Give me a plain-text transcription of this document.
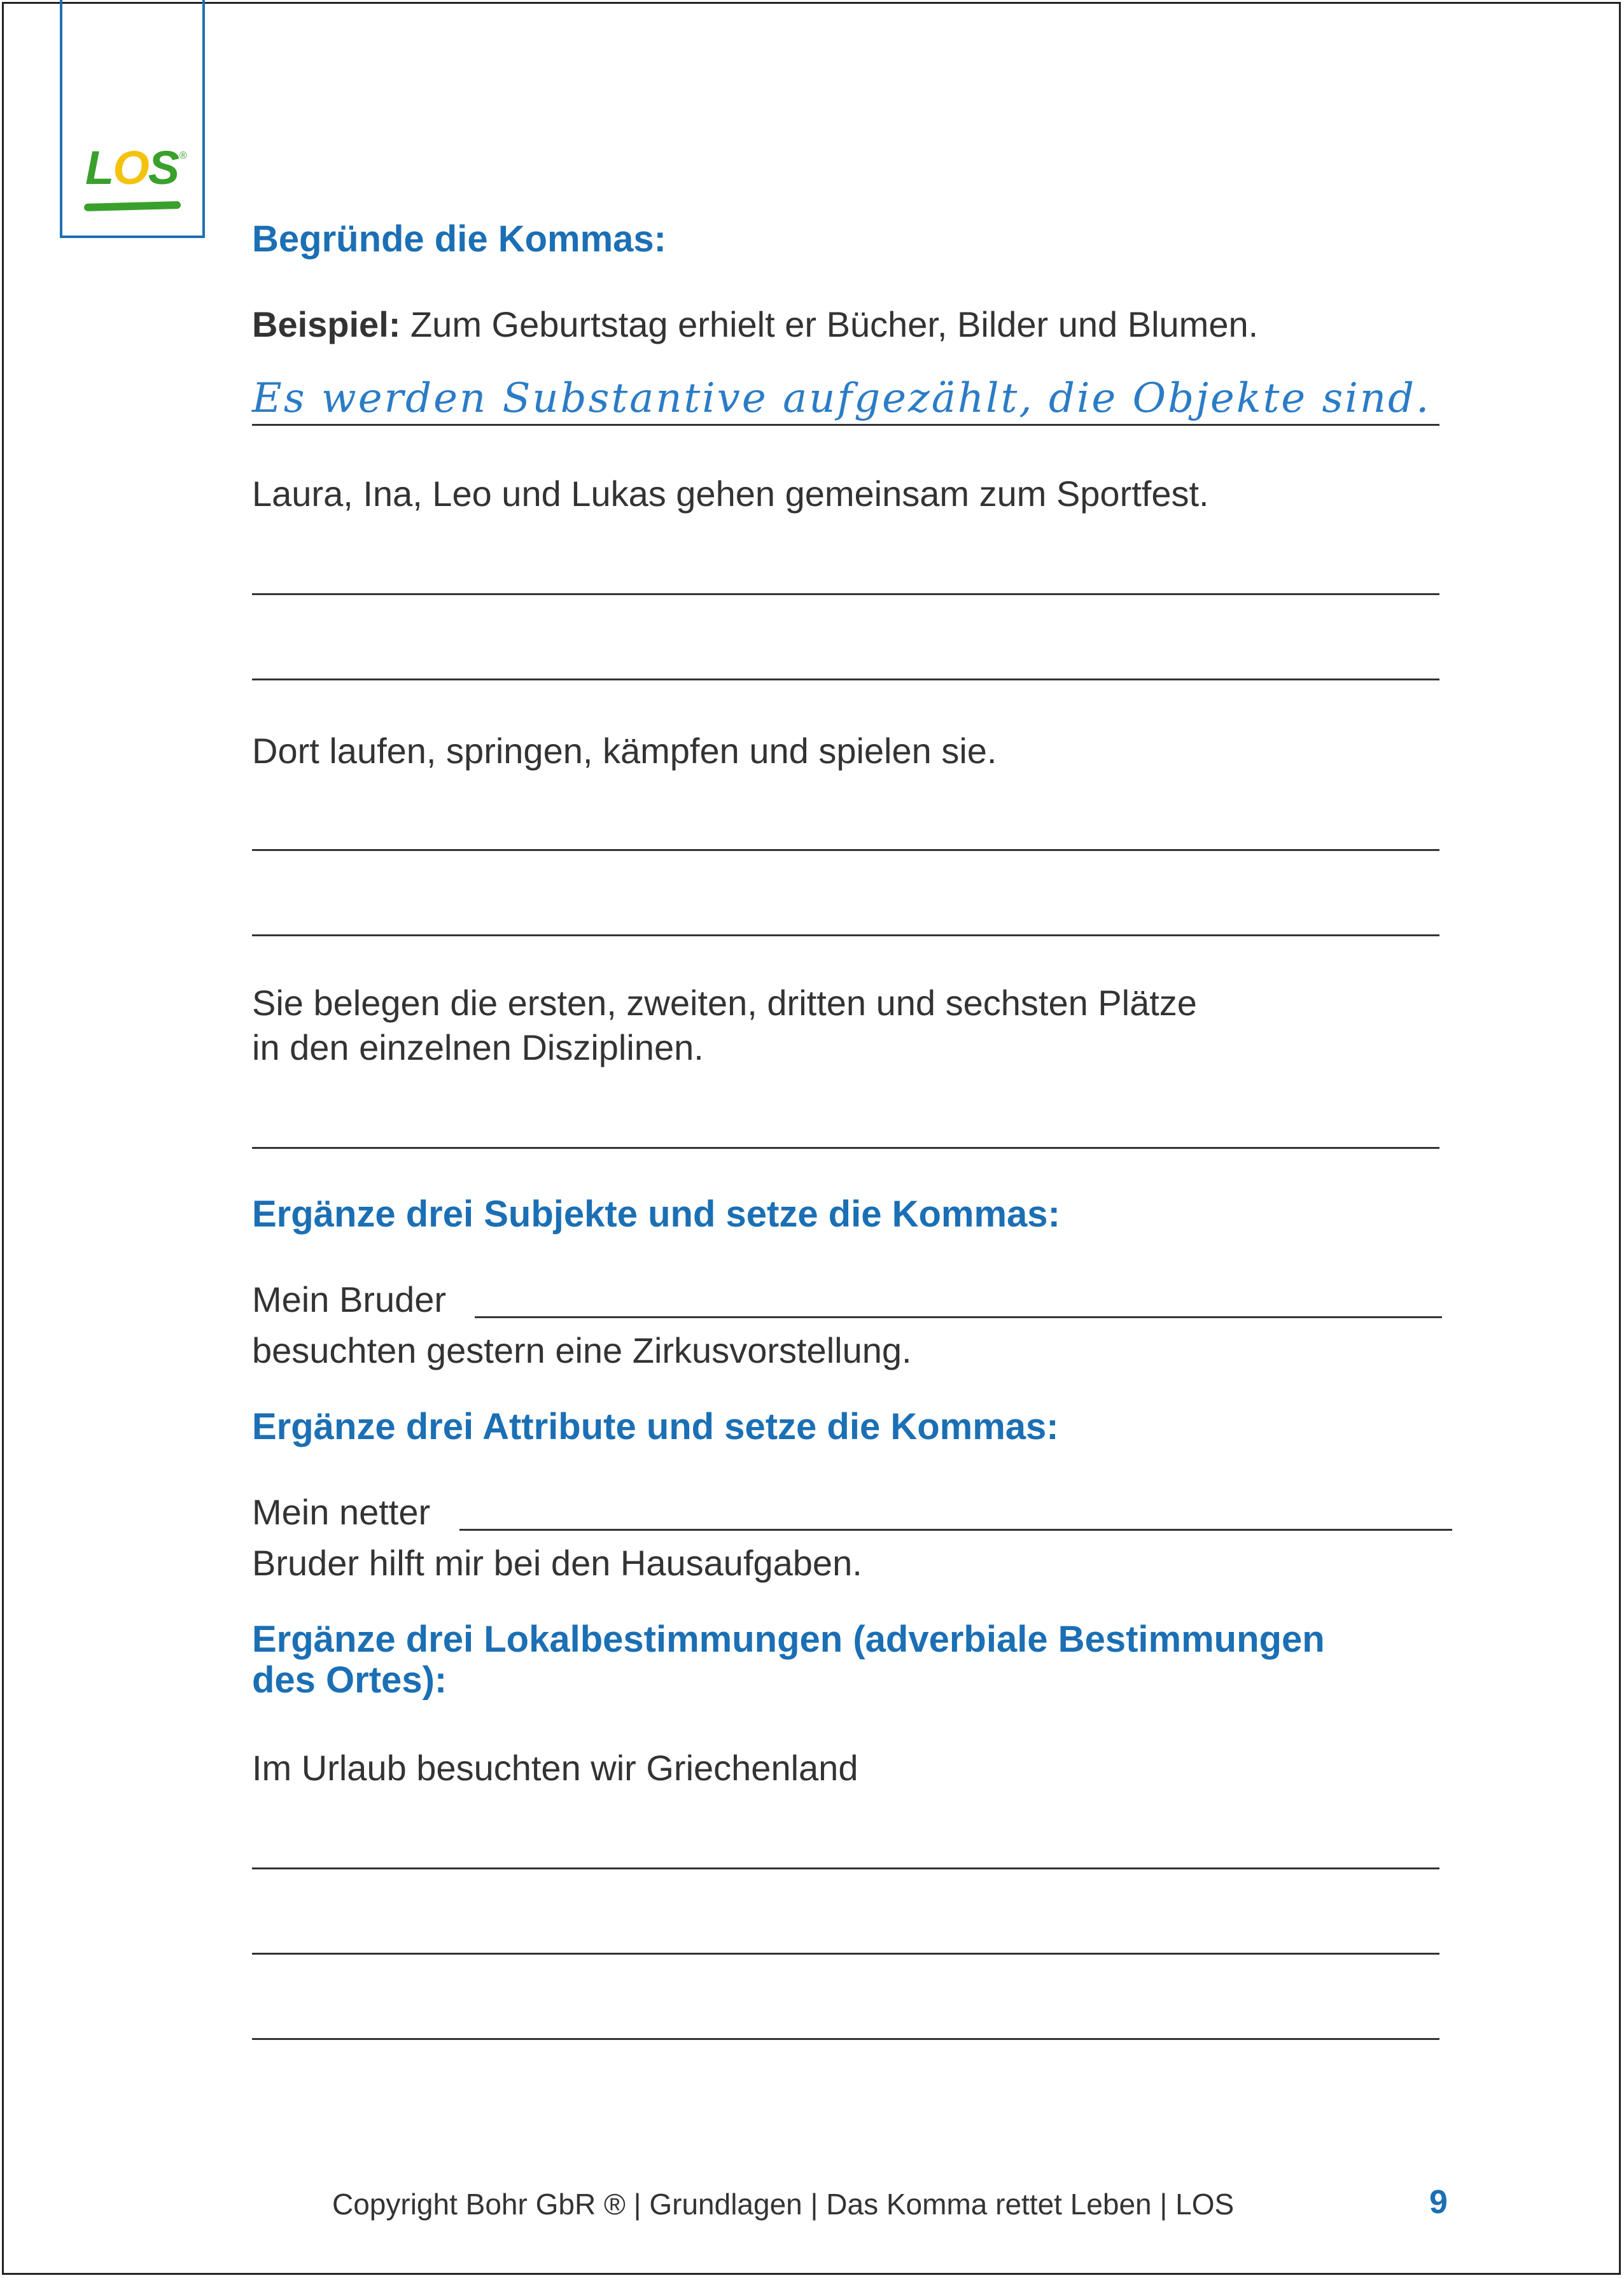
LOS ®
Begründe die Kommas:

Beispiel: Zum Geburtstag erhielt er Bücher, Bilder und Blumen.

Es werden Substantive aufgezählt, die Objekte sind.

Laura, Ina, Leo und Lukas gehen gemeinsam zum Sportfest.

Dort laufen, springen, kämpfen und spielen sie.

Sie belegen die ersten, zweiten, dritten und sechsten Plätze

in den einzelnen Disziplinen.

Ergänze drei Subjekte und setze die Kommas:

Mein Bruder

besuchten gestern eine Zirkusvorstellung.

Ergänze drei Attribute und setze die Kommas:

Mein netter

Bruder hilft mir bei den Hausaufgaben.

Ergänze drei Lokalbestimmungen (adverbiale Bestimmungen
des Ortes):

Im Urlaub besuchten wir Griechenland

Copyright Bohr GbR ® | Grundlagen | Das Komma rettet Leben | LOS	9
